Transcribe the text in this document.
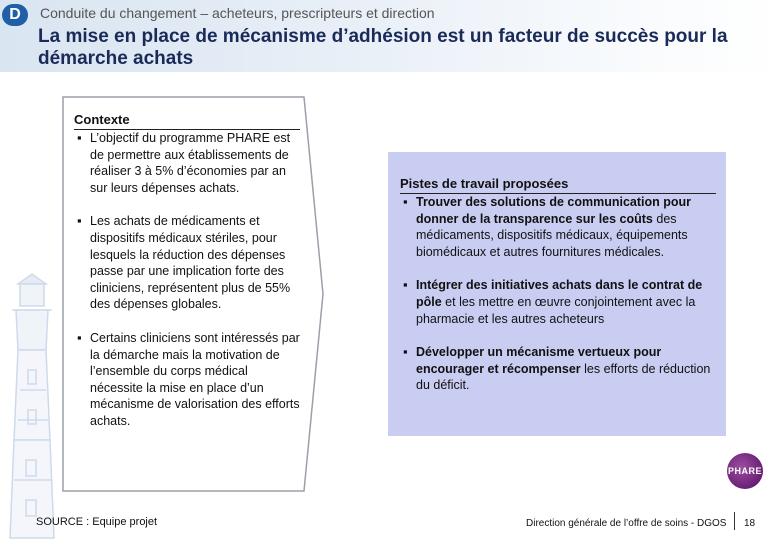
D	Conduite du changement – acheteurs, prescripteurs et direction
La mise en place de mécanisme d’adhésion est un facteur de succès pour la démarche achats
Contexte
▪ L’objectif du programme PHARE est de permettre aux établissements de réaliser 3 à 5% d’économies par an sur leurs dépenses achats.
▪ Les achats de médicaments et dispositifs médicaux stériles, pour lesquels la réduction des dépenses passe par une implication forte des cliniciens, représentent plus de 55% des dépenses globales.
▪ Certains cliniciens sont intéressés par la démarche mais la motivation de l’ensemble du corps médical nécessite la mise en place d’un mécanisme de valorisation des efforts achats.
Pistes de travail proposées
▪ Trouver des solutions de communication pour donner de la transparence sur les coûts des médicaments, dispositifs médicaux, équipements biomédicaux et autres fournitures médicales.
▪ Intégrer des initiatives achats dans le contrat de pôle et les mettre en œuvre conjointement avec la pharmacie et les autres acheteurs
▪ Développer un mécanisme vertueux pour encourager et récompenser les efforts de réduction du déficit.
PHARE
SOURCE : Equipe projet	Direction générale de l’offre de soins - DGOS 18
